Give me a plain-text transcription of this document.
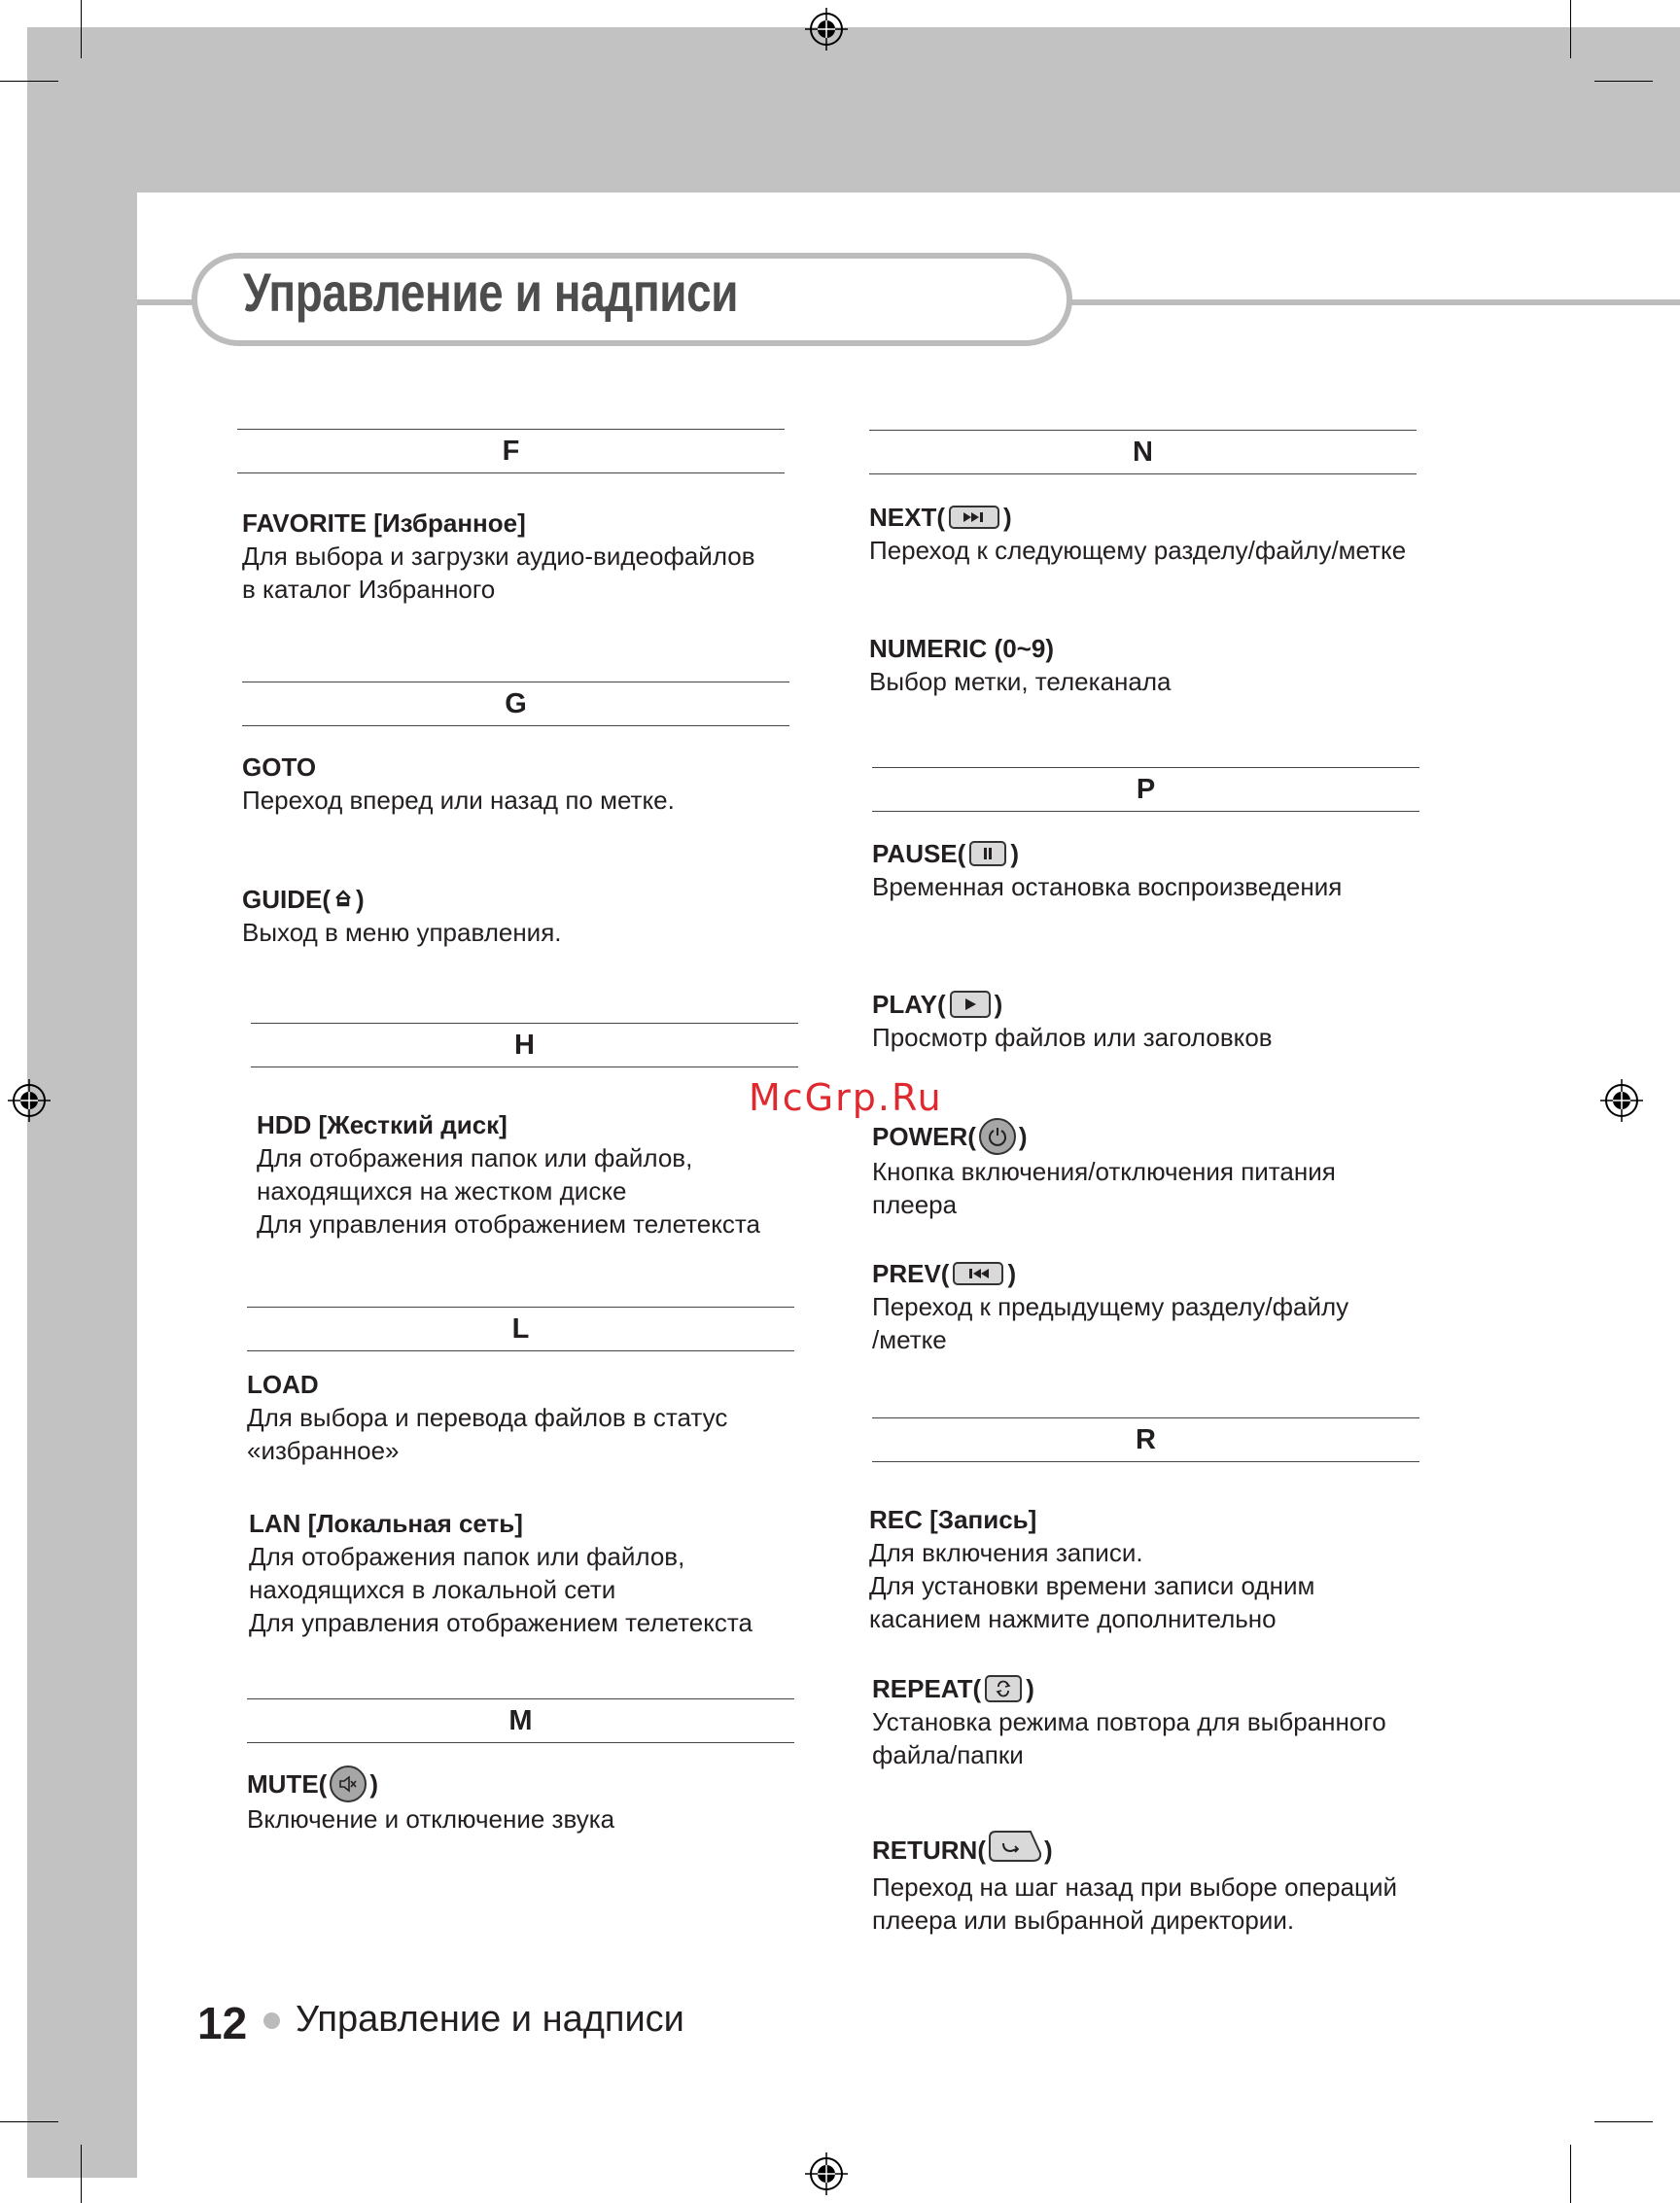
Управление и надписи
F
FAVORITE [Избранное]
Для выбора и загрузки аудио-видеофайлов
в каталог Избранного
G
GOTO
Переход вперед или назад по метке.
GUIDE( )
Выход в меню управления.
H
HDD [Жесткий диск]
Для отображения папок или файлов,
находящихся на жестком диске
Для управления отображением телетекста
L
LOAD
Для выбора и перевода файлов в статус
«избранное»
LAN [Локальная сеть]
Для отображения папок или файлов,
находящихся в локальной сети
Для управления отображением телетекста
M
MUTE( )
Включение и отключение звука
N
NEXT( )
Переход к следующему разделу/файлу/метке
NUMERIC (0~9)
Выбор метки, телеканала
P
PAUSE( )
Временная остановка воспроизведения
PLAY( )
Просмотр файлов или заголовков
POWER( )
Кнопка включения/отключения питания
плеера
PREV( )
Переход к предыдущему разделу/файлу
/метке
R
REC [Запись]
Для включения записи.
Для установки времени записи одним
касанием нажмите дополнительно
REPEAT( )
Установка режима повтора для выбранного
файла/папки
RETURN( )
Переход на шаг назад при выборе операций
плеера или выбранной директории.
McGrp.Ru
12 Управление и надписи
